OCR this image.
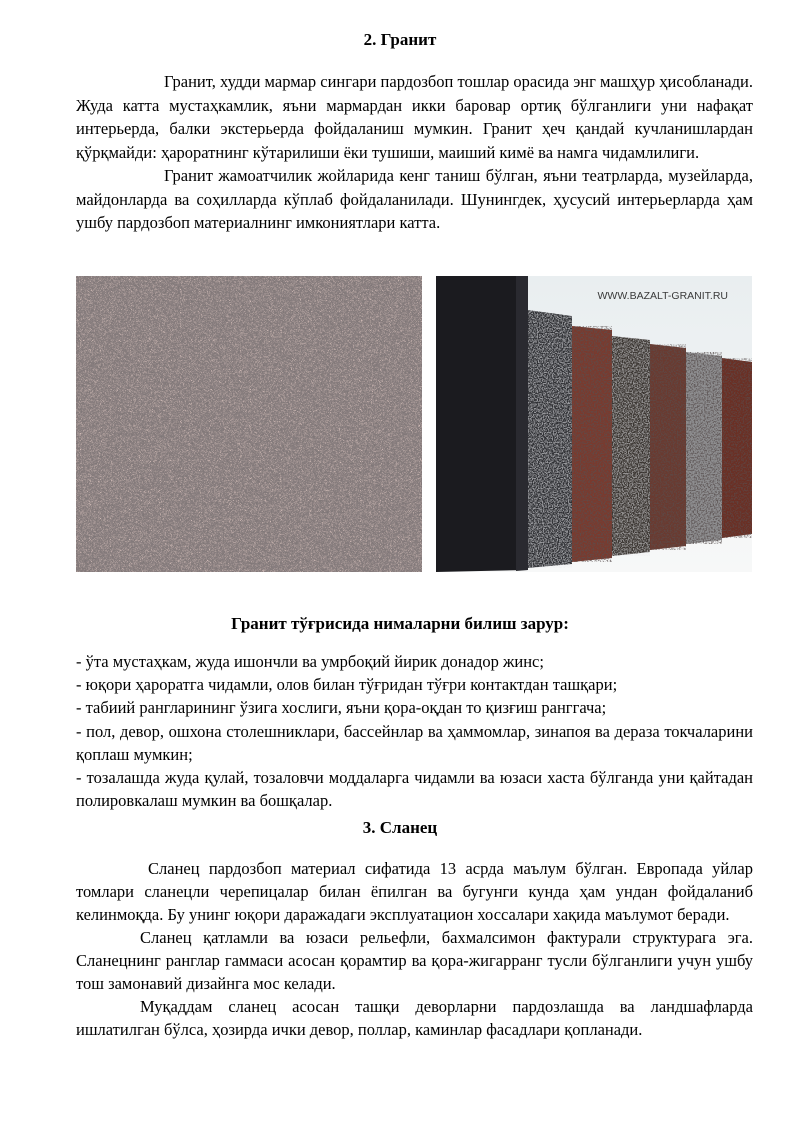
2. Гранит

Гранит, худди мармар сингари пардозбоп тошлар орасида энг машҳур ҳисобланади. Жуда катта мустаҳкамлик, яъни мармардан икки баровар ортиқ бўлганлиги уни нафақат интерьерда, балки экстерьерда фойдаланиш мумкин. Гранит ҳеч қандай кучланишлардан қўрқмайди: ҳароратнинг кўтарилиши ёки тушиши, маиший кимё ва намга чидамлилиги.

Гранит жамоатчилик жойларида кенг таниш бўлган, яъни театрларда, музейларда, майдонларда ва соҳилларда кўплаб фойдаланилади. Шунингдек, ҳусусий интерьерларда ҳам ушбу пардозбоп материалнинг имкониятлари катта.

WWW.BAZALT-GRANIT.RU
Гранит тўғрисида нималарни билиш зарур:
- ўта мустаҳкам, жуда ишончли ва умрбоқий йирик донадор жинс;
- юқори ҳароратга чидамли, олов билан тўғридан тўғри контактдан ташқари;
- табиий рангларининг ўзига хослиги, яъни қора-оқдан то қизғиш ранггача;
- пол, девор, ошхона столешниклари, бассейнлар ва ҳаммомлар, зинапоя ва дераза токчаларини қоплаш мумкин;
- тозалашда жуда қулай, тозаловчи моддаларга чидамли ва юзаси хаста бўлганда уни қайтадан полировкалаш мумкин ва бошқалар.
3. Сланец

Сланец пардозбоп материал сифатида 13 асрда маълум бўлган. Европада уйлар томлари сланецли черепицалар билан ёпилган ва бугунги кунда ҳам ундан фойдаланиб келинмоқда. Бу унинг юқори даражадаги эксплуатацион хоссалари хақида маълумот беради.

Сланец қатламли ва юзаси рельефли, бахмалсимон фактурали структурага эга. Сланецнинг ранглар гаммаси асосан қорамтир ва қора-жигарранг тусли бўлганлиги учун ушбу тош замонавий дизайнга мос келади.

Муқаддам сланец асосан ташқи деворларни пардозлашда ва ландшафларда ишлатилган бўлса, ҳозирда ички девор, поллар, каминлар фасадлари қопланади.
